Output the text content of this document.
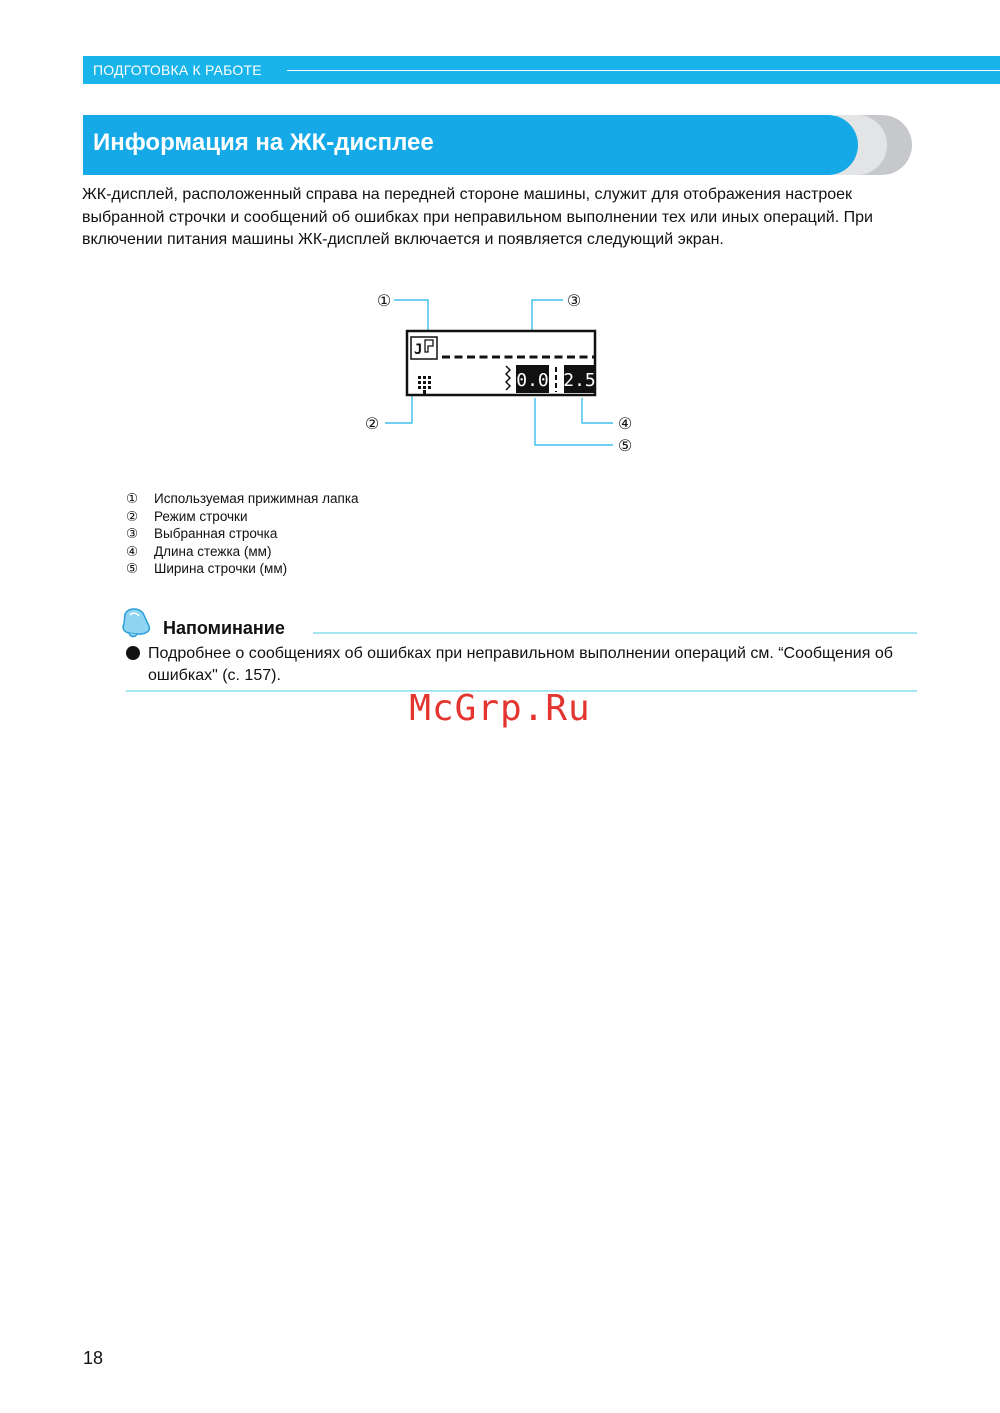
ПОДГОТОВКА К РАБОТЕ
Информация на ЖК-дисплее

ЖК-дисплей, расположенный справа на передней стороне машины, служит для отображения настроек выбранной строчки и сообщений об ошибках при неправильном выполнении тех или иных операций. При включении питания машины ЖК-дисплей включается и появляется следующий экран.

J
0.0 2.5
①
②
③
④
⑤
① Используемая прижимная лапка
② Режим строчки
③ Выбранная строчка
④ Длина стежка (мм)
⑤ Ширина строчки (мм)
Напоминание

Подробнее о сообщениях об ошибках при неправильном выполнении операций см. “Сообщения об ошибках" (с. 157).

McGrp.Ru
18
